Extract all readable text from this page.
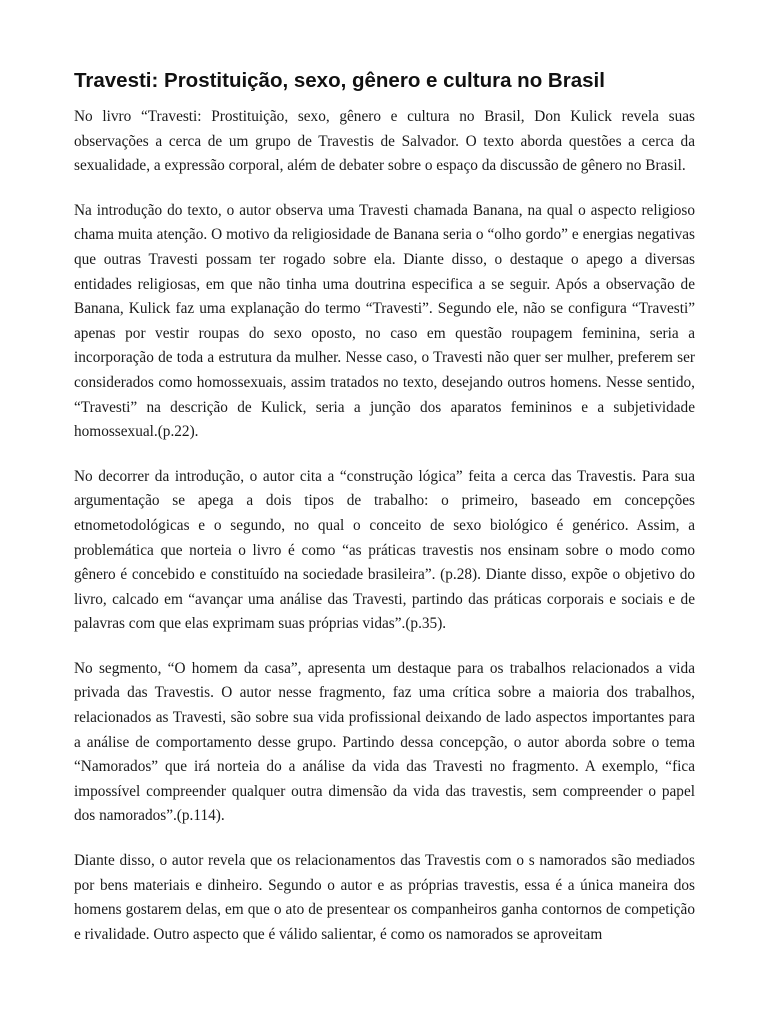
Travesti: Prostituição, sexo, gênero e cultura no Brasil

No livro “Travesti: Prostituição, sexo, gênero e cultura no Brasil, Don Kulick revela suas observações a cerca de um grupo de Travestis de Salvador. O texto aborda questões a cerca da sexualidade, a expressão corporal, além de debater sobre o espaço da discussão de gênero no Brasil.

Na introdução do texto, o autor observa uma Travesti chamada Banana, na qual o aspecto religioso chama muita atenção. O motivo da religiosidade de Banana seria o “olho gordo” e energias negativas que outras Travesti possam ter rogado sobre ela. Diante disso, o destaque o apego a diversas entidades religiosas, em que não tinha uma doutrina especifica a se seguir. Após a observação de Banana, Kulick faz uma explanação do termo “Travesti”. Segundo ele, não se configura “Travesti” apenas por vestir roupas do sexo oposto, no caso em questão roupagem feminina, seria a incorporação de toda a estrutura da mulher. Nesse caso, o Travesti não quer ser mulher, preferem ser considerados como homossexuais, assim tratados no texto, desejando outros homens. Nesse sentido, “Travesti” na descrição de Kulick, seria a junção dos aparatos femininos e a subjetividade homossexual.(p.22).

No decorrer da introdução, o autor cita a “construção lógica” feita a cerca das Travestis. Para sua argumentação se apega a dois tipos de trabalho: o primeiro, baseado em concepções etnometodológicas e o segundo, no qual o conceito de sexo biológico é genérico. Assim, a problemática que norteia o livro é como “as práticas travestis nos ensinam sobre o modo como gênero é concebido e constituído na sociedade brasileira”. (p.28). Diante disso, expõe o objetivo do livro, calcado em “avançar uma análise das Travesti, partindo das práticas corporais e sociais e de palavras com que elas exprimam suas próprias vidas”.(p.35).

No segmento, “O homem da casa”, apresenta um destaque para os trabalhos relacionados a vida privada das Travestis. O autor nesse fragmento, faz uma crítica sobre a maioria dos trabalhos, relacionados as Travesti, são sobre sua vida profissional deixando de lado aspectos importantes para a análise de comportamento desse grupo. Partindo dessa concepção, o autor aborda sobre o tema “Namorados” que irá norteia do a análise da vida das Travesti no fragmento. A exemplo, “fica impossível compreender qualquer outra dimensão da vida das travestis, sem compreender o papel dos namorados”.(p.114).

Diante disso, o autor revela que os relacionamentos das Travestis com o s namorados são mediados por bens materiais e dinheiro. Segundo o autor e as próprias travestis, essa é a única maneira dos homens gostarem delas, em que o ato de presentear os companheiros ganha contornos de competição e rivalidade. Outro aspecto que é válido salientar, é como os namorados se aproveitam
